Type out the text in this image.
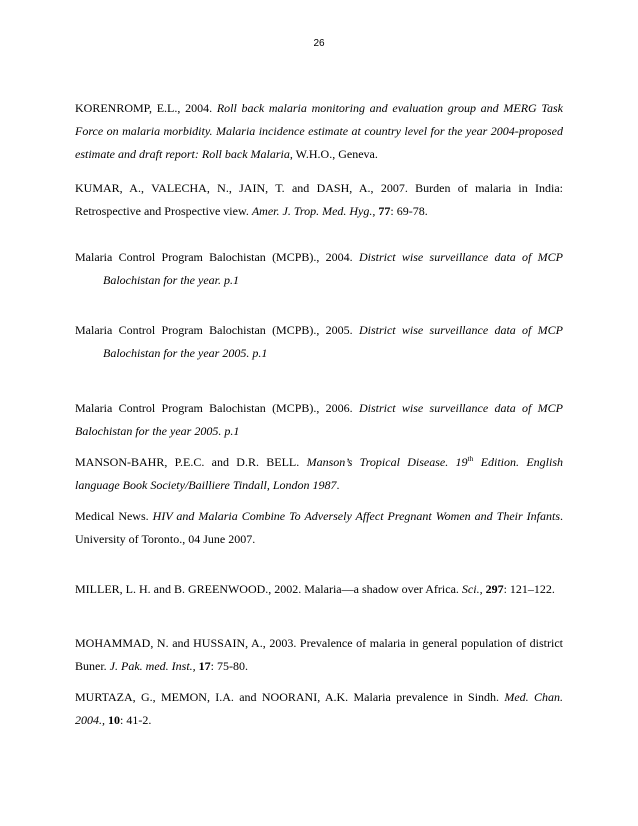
26
KORENROMP, E.L., 2004. Roll back malaria monitoring and evaluation group and MERG Task Force on malaria morbidity. Malaria incidence estimate at country level for the year 2004-proposed estimate and draft report: Roll back Malaria, W.H.O., Geneva.
KUMAR, A., VALECHA, N., JAIN, T. and DASH, A., 2007. Burden of malaria in India: Retrospective and Prospective view. Amer. J. Trop. Med. Hyg., 77: 69-78.
Malaria Control Program Balochistan (MCPB)., 2004. District wise surveillance data of MCP Balochistan for the year. p.1
Malaria Control Program Balochistan (MCPB)., 2005. District wise surveillance data of MCP Balochistan for the year 2005. p.1
Malaria Control Program Balochistan (MCPB)., 2006. District wise surveillance data of MCP Balochistan for the year 2005. p.1
MANSON-BAHR, P.E.C. and D.R. BELL. Manson’s Tropical Disease. 19th Edition. English language Book Society/Bailliere Tindall, London 1987.
Medical News. HIV and Malaria Combine To Adversely Affect Pregnant Women and Their Infants. University of Toronto., 04 June 2007.
MILLER, L. H. and B. GREENWOOD., 2002. Malaria—a shadow over Africa. Sci., 297: 121–122.
MOHAMMAD, N. and HUSSAIN, A., 2003. Prevalence of malaria in general population of district Buner. J. Pak. med. Inst., 17: 75-80.
MURTAZA, G., MEMON, I.A. and NOORANI, A.K. Malaria prevalence in Sindh. Med. Chan. 2004., 10: 41-2.
